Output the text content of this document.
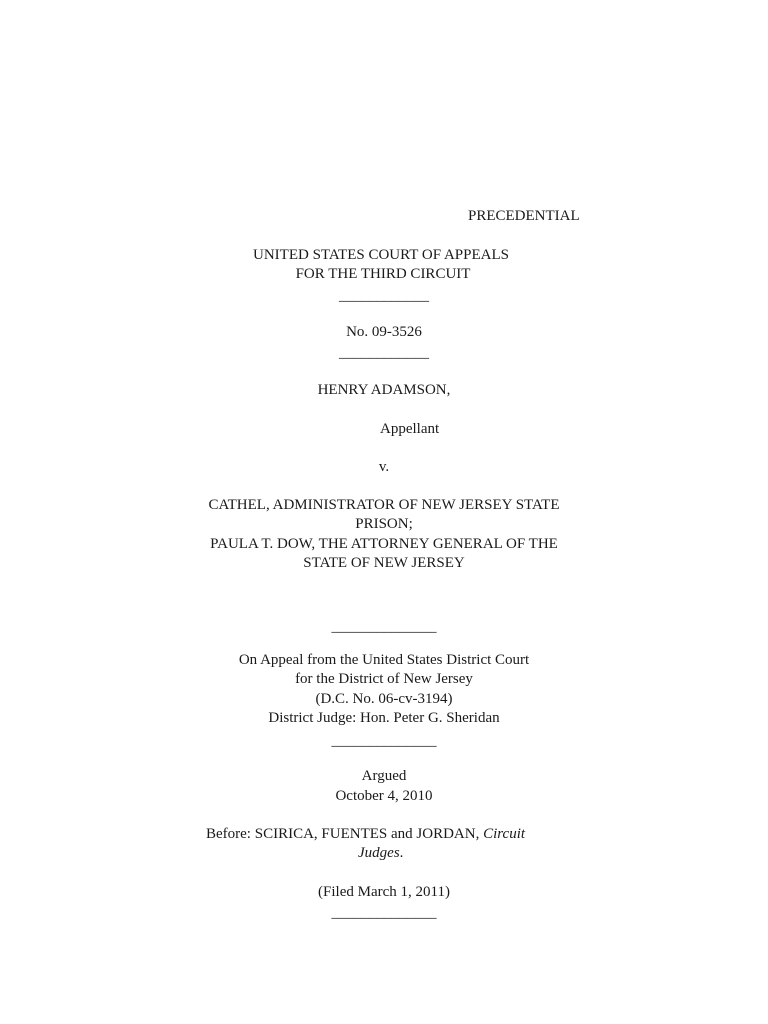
PRECEDENTIAL
UNITED STATES COURT OF APPEALS
FOR THE THIRD CIRCUIT
____________
No. 09-3526
____________
HENRY ADAMSON,
Appellant
v.
CATHEL, ADMINISTRATOR OF NEW JERSEY STATE
PRISON;
PAULA T. DOW, THE ATTORNEY GENERAL OF THE
STATE OF NEW JERSEY
______________
On Appeal from the United States District Court
for the District of New Jersey
(D.C. No. 06-cv-3194)
District Judge: Hon. Peter G. Sheridan
______________
Argued
October 4, 2010
Before: SCIRICA, FUENTES and JORDAN, Circuit
Judges.
(Filed March 1, 2011)
______________
